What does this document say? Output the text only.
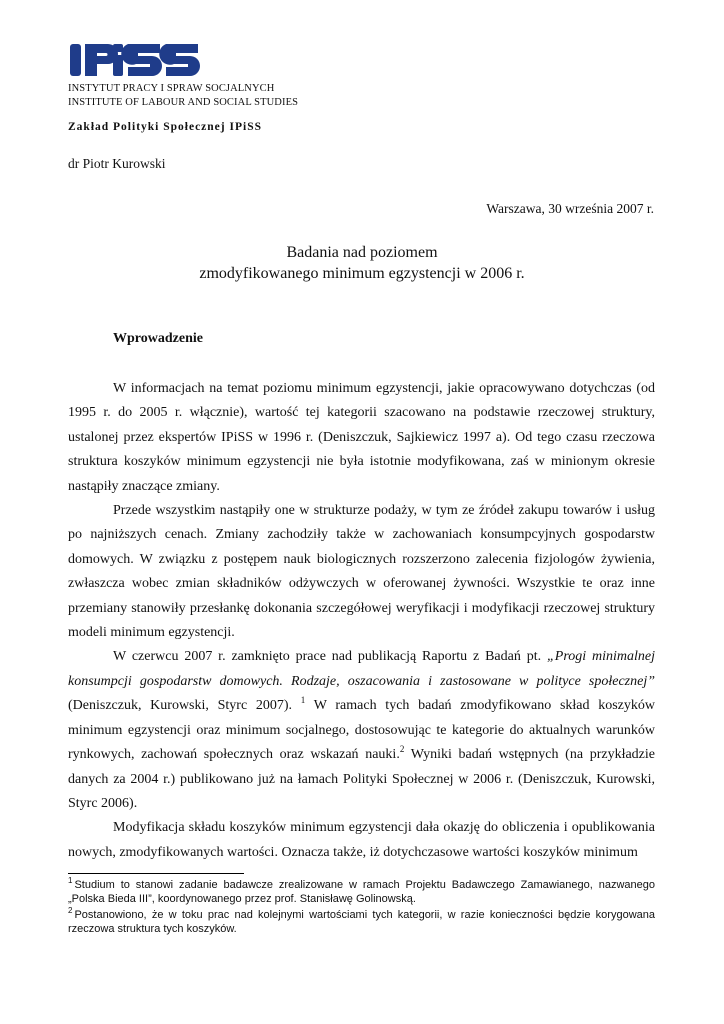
INSTYTUT PRACY I SPRAW SOCJALNYCH
INSTITUTE OF LABOUR AND SOCIAL STUDIES
Zakład Polityki Społecznej IPiSS
dr Piotr Kurowski
Warszawa, 30 września 2007 r.
Badania nad poziomem
zmodyfikowanego minimum egzystencji w 2006 r.
Wprowadzenie

W informacjach na temat poziomu minimum egzystencji, jakie opracowywano dotychczas (od 1995 r. do 2005 r. włącznie), wartość tej kategorii szacowano na podstawie rzeczowej struktury, ustalonej przez ekspertów IPiSS w 1996 r. (Deniszczuk, Sajkiewicz 1997 a). Od tego czasu rzeczowa struktura koszyków minimum egzystencji nie była istotnie modyfikowana, zaś w minionym okresie nastąpiły znaczące zmiany.

Przede wszystkim nastąpiły one w strukturze podaży, w tym ze źródeł zakupu towarów i usług po najniższych cenach. Zmiany zachodziły także w zachowaniach konsumpcyjnych gospodarstw domowych. W związku z postępem nauk biologicznych rozszerzono zalecenia fizjologów żywienia, zwłaszcza wobec zmian składników odżywczych w oferowanej żywności. Wszystkie te oraz inne przemiany stanowiły przesłankę dokonania szczegółowej weryfikacji i modyfikacji rzeczowej struktury modeli minimum egzystencji.

W czerwcu 2007 r. zamknięto prace nad publikacją Raportu z Badań pt. „Progi minimalnej konsumpcji gospodarstw domowych. Rodzaje, oszacowania i zastosowane w polityce społecznej” (Deniszczuk, Kurowski, Styrc 2007). $^1$ W ramach tych badań zmodyfikowano skład koszyków minimum egzystencji oraz minimum socjalnego, dostosowując te kategorie do aktualnych warunków rynkowych, zachowań społecznych oraz wskazań nauki.$^2$ Wyniki badań wstępnych (na przykładzie danych za 2004 r.) publikowano już na łamach Polityki Społecznej w 2006 r. (Deniszczuk, Kurowski, Styrc 2006).

Modyfikacja składu koszyków minimum egzystencji dała okazję do obliczenia i opublikowania nowych, zmodyfikowanych wartości. Oznacza także, iż dotychczasowe wartości koszyków minimum

$^1$ Studium to stanowi zadanie badawcze zrealizowane w ramach Projektu Badawczego Zamawianego, nazwanego „Polska Bieda III”, koordynowanego przez prof. Stanisławę Golinowską.
$^2$ Postanowiono, że w toku prac nad kolejnymi wartościami tych kategorii, w razie konieczności będzie korygowana rzeczowa struktura tych koszyków.
